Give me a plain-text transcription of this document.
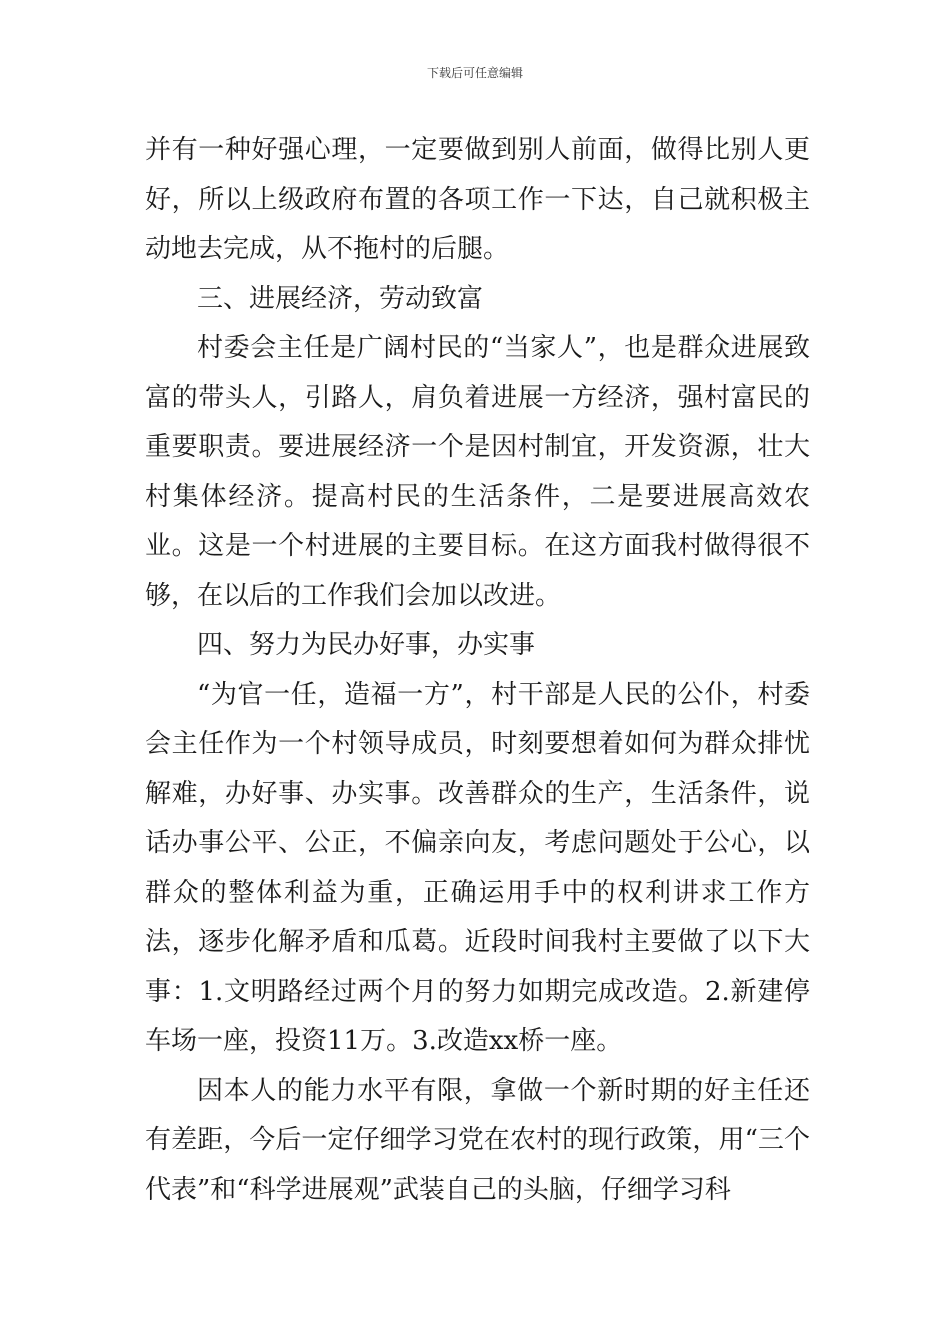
下载后可任意编辑

并有一种好强心理，一定要做到别人前面，做得比别人更好，所以上级政府布置的各项工作一下达，自己就积极主动地去完成，从不拖村的后腿。

三、进展经济，劳动致富

村委会主任是广阔村民的“当家人”，也是群众进展致富的带头人，引路人，肩负着进展一方经济，强村富民的重要职责。要进展经济一个是因村制宜，开发资源，壮大村集体经济。提高村民的生活条件，二是要进展高效农业。这是一个村进展的主要目标。在这方面我村做得很不够，在以后的工作我们会加以改进。

四、努力为民办好事，办实事

“为官一任，造福一方”，村干部是人民的公仆，村委会主任作为一个村领导成员，时刻要想着如何为群众排忧解难，办好事、办实事。改善群众的生产，生活条件，说话办事公平、公正，不偏亲向友，考虑问题处于公心，以群众的整体利益为重，正确运用手中的权利讲求工作方法，逐步化解矛盾和瓜葛。近段时间我村主要做了以下大事：1.文明路经过两个月的努力如期完成改造。2.新建停车场一座，投资11万。3.改造xx桥一座。

因本人的能力水平有限，拿做一个新时期的好主任还有差距，今后一定仔细学习党在农村的现行政策，用“三个代表”和“科学进展观”武装自己的头脑，仔细学习科
